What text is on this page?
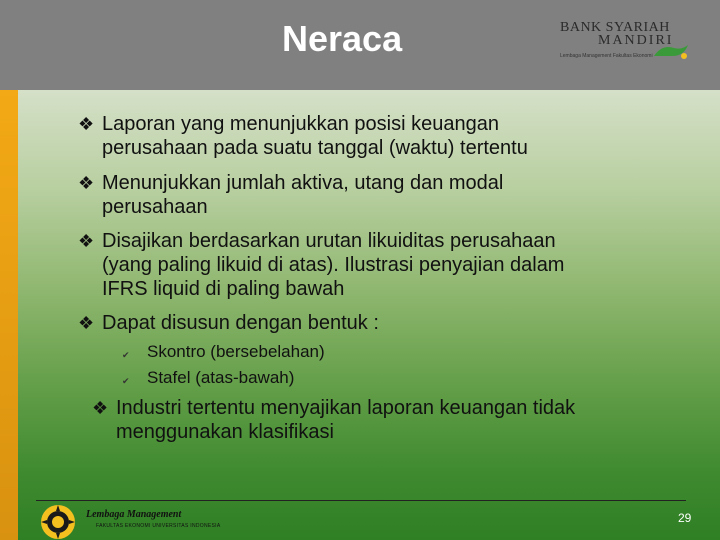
Neraca	BANK SYARIAH
MANDIRI
Lembaga Management Fakultas Ekonomi
❖ Laporan yang menunjukkan posisi keuangan
perusahaan pada suatu tanggal (waktu) tertentu
❖ Menunjukkan jumlah aktiva, utang dan modal
perusahaan
❖ Disajikan berdasarkan urutan likuiditas perusahaan
(yang paling likuid di atas). Ilustrasi penyajian dalam
IFRS liquid di paling bawah
❖ Dapat disusun dengan bentuk :
✔ Skontro (bersebelahan)
✔ Stafel (atas-bawah)
❖ Industri tertentu menyajikan laporan keuangan tidak
menggunakan klasifikasi
Lembaga Management
FAKULTAS EKONOMI UNIVERSITAS INDONESIA
29
